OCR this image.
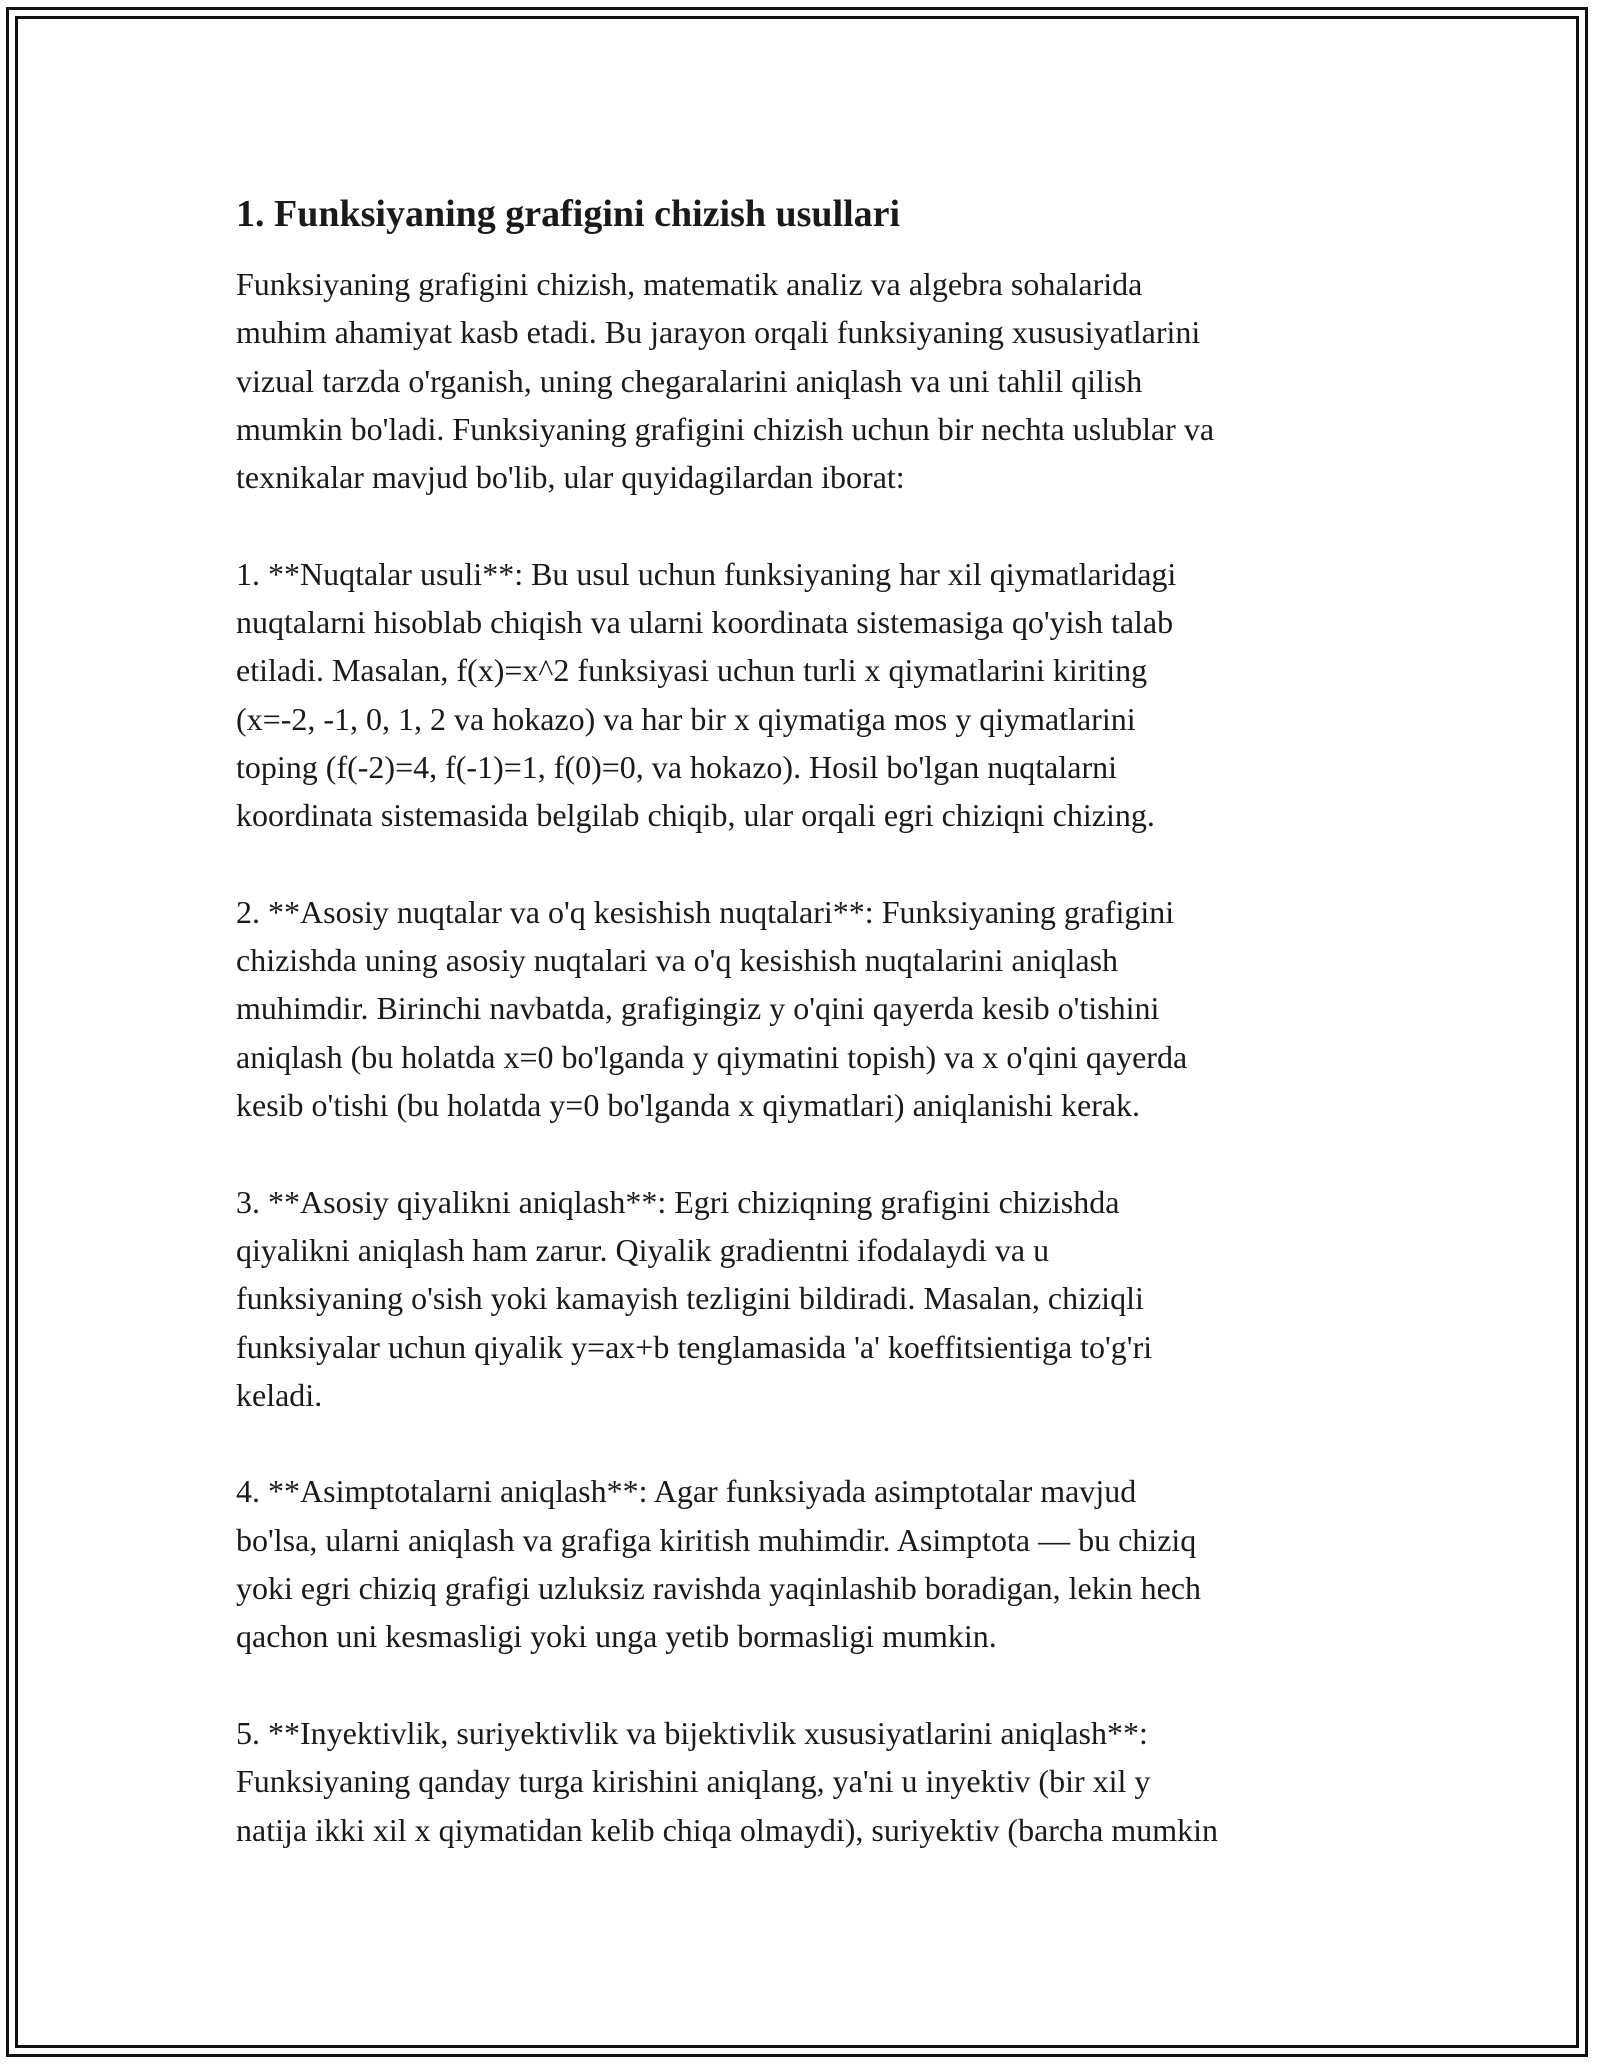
1. Funksiyaning grafigini chizish usullari

Funksiyaning grafigini chizish, matematik analiz va algebra sohalarida
muhim ahamiyat kasb etadi. Bu jarayon orqali funksiyaning xususiyatlarini
vizual tarzda o'rganish, uning chegaralarini aniqlash va uni tahlil qilish
mumkin bo'ladi. Funksiyaning grafigini chizish uchun bir nechta uslublar va
texnikalar mavjud bo'lib, ular quyidagilardan iborat:

1. **Nuqtalar usuli**: Bu usul uchun funksiyaning har xil qiymatlaridagi
nuqtalarni hisoblab chiqish va ularni koordinata sistemasiga qo'yish talab
etiladi. Masalan, f(x)=x^2 funksiyasi uchun turli x qiymatlarini kiriting
(x=-2, -1, 0, 1, 2 va hokazo) va har bir x qiymatiga mos y qiymatlarini
toping (f(-2)=4, f(-1)=1, f(0)=0, va hokazo). Hosil bo'lgan nuqtalarni
koordinata sistemasida belgilab chiqib, ular orqali egri chiziqni chizing.

2. **Asosiy nuqtalar va o'q kesishish nuqtalari**: Funksiyaning grafigini
chizishda uning asosiy nuqtalari va o'q kesishish nuqtalarini aniqlash
muhimdir. Birinchi navbatda, grafigingiz y o'qini qayerda kesib o'tishini
aniqlash (bu holatda x=0 bo'lganda y qiymatini topish) va x o'qini qayerda
kesib o'tishi (bu holatda y=0 bo'lganda x qiymatlari) aniqlanishi kerak.

3. **Asosiy qiyalikni aniqlash**: Egri chiziqning grafigini chizishda
qiyalikni aniqlash ham zarur. Qiyalik gradientni ifodalaydi va u
funksiyaning o'sish yoki kamayish tezligini bildiradi. Masalan, chiziqli
funksiyalar uchun qiyalik y=ax+b tenglamasida 'a' koeffitsientiga to'g'ri
keladi.

4. **Asimptotalarni aniqlash**: Agar funksiyada asimptotalar mavjud
bo'lsa, ularni aniqlash va grafiga kiritish muhimdir. Asimptota — bu chiziq
yoki egri chiziq grafigi uzluksiz ravishda yaqinlashib boradigan, lekin hech
qachon uni kesmasligi yoki unga yetib bormasligi mumkin.

5. **Inyektivlik, suriyektivlik va bijektivlik xususiyatlarini aniqlash**:
Funksiyaning qanday turga kirishini aniqlang, ya'ni u inyektiv (bir xil y
natija ikki xil x qiymatidan kelib chiqa olmaydi), suriyektiv (barcha mumkin
